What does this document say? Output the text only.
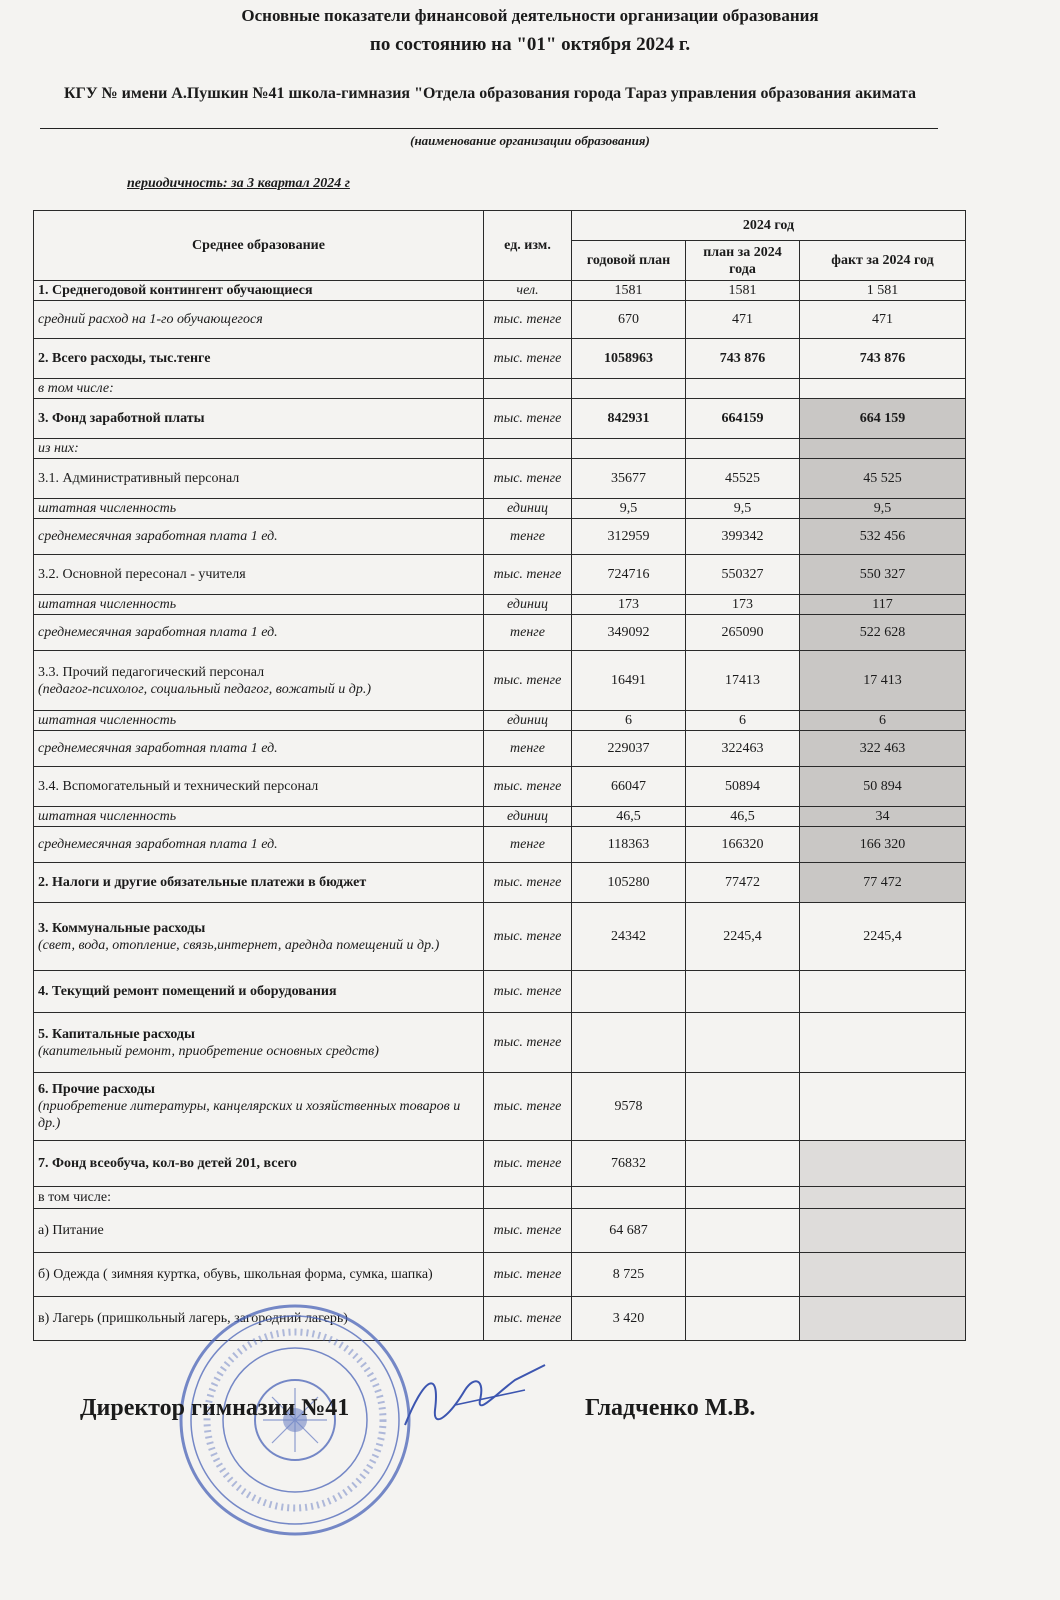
Основные показатели финансовой деятельности организации образования
по состоянию на "01" октября 2024 г.
КГУ № имени А.Пушкин №41 школа-гимназия "Отдела образования города Тараз управления образования акимата
(наименование организации образования)
периодичность: за 3 квартал 2024 г
Среднее образование	ед. изм.	2024 год		
		годовой план	план за 2024 года	факт за 2024 год
1. Среднегодовой контингент обучающиеся	чел.	1581	1581	1 581
средний расход на 1-го обучающегося	тыс. тенге	670	471	471
2. Всего расходы, тыс.тенге	тыс. тенге	1058963	743 876	743 876
в том числе:				
3. Фонд заработной платы	тыс. тенге	842931	664159	664 159
из них:				
3.1. Административный персонал	тыс. тенге	35677	45525	45 525
штатная численность	единиц	9,5	9,5	9,5
среднемесячная заработная плата 1 ед.	тенге	312959	399342	532 456
3.2. Основной пересонал - учителя	тыс. тенге	724716	550327	550 327
штатная численность	единиц	173	173	117
среднемесячная заработная плата 1 ед.	тенге	349092	265090	522 628
3.3. Прочий педагогический персонал
(педагог-психолог, социальный педагог, вожатый и др.)	тыс. тенге	16491	17413	17 413
штатная численность	единиц	6	6	6
среднемесячная заработная плата 1 ед.	тенге	229037	322463	322 463
3.4. Вспомогательный и технический персонал	тыс. тенге	66047	50894	50 894
штатная численность	единиц	46,5	46,5	34
среднемесячная заработная плата 1 ед.	тенге	118363	166320	166 320
2. Налоги и другие обязательные платежи в бюджет	тыс. тенге	105280	77472	77 472
3. Коммунальные расходы
(свет, вода, отопление, связь,интернет, аредндa помещений и др.)	тыс. тенге	24342	2245,4	2245,4
4. Текущий ремонт помещений и оборудования	тыс. тенге			
5. Капитальные расходы
(капительный ремонт, приобретение основных средств)	тыс. тенге			
6. Прочие расходы
(приобретение литературы, канцелярских и хозяйственных товаров и др.)	тыс. тенге	9578		
7. Фонд всеобуча, кол-во детей 201, всего	тыс. тенге	76832		
в том числе:				
а) Питание	тыс. тенге	64 687		
б) Одежда ( зимняя куртка, обувь, школьная форма, сумка, шапка)	тыс. тенге	8 725		
в) Лагерь (пришкольный лагерь, загородний лагерь)	тыс. тенге	3 420		
Директор гимназии №41	Гладченко М.В.
